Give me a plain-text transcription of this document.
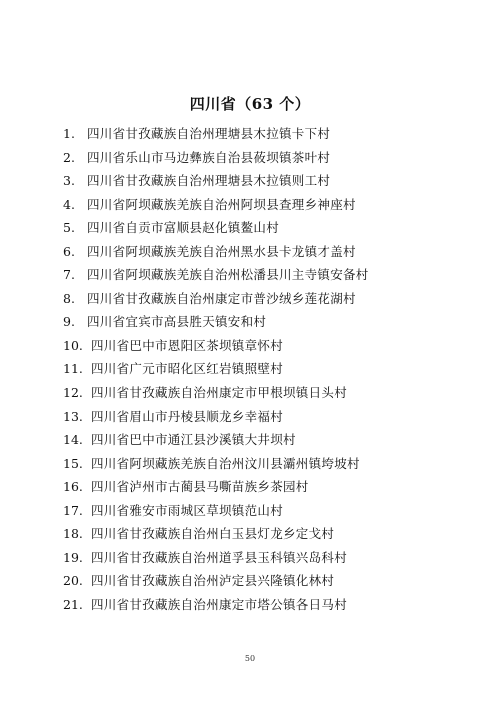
四川省（63 个）
1. 四川省甘孜藏族自治州理塘县木拉镇卡下村
2. 四川省乐山市马边彝族自治县莜坝镇茶叶村
3. 四川省甘孜藏族自治州理塘县木拉镇则工村
4. 四川省阿坝藏族羌族自治州阿坝县查理乡神座村
5. 四川省自贡市富顺县赵化镇鳌山村
6. 四川省阿坝藏族羌族自治州黑水县卡龙镇才盖村
7. 四川省阿坝藏族羌族自治州松潘县川主寺镇安备村
8. 四川省甘孜藏族自治州康定市普沙绒乡莲花湖村
9. 四川省宜宾市高县胜天镇安和村
10. 四川省巴中市恩阳区茶坝镇章怀村
11. 四川省广元市昭化区红岩镇照壁村
12. 四川省甘孜藏族自治州康定市甲根坝镇日头村
13. 四川省眉山市丹棱县顺龙乡幸福村
14. 四川省巴中市通江县沙溪镇大井坝村
15. 四川省阿坝藏族羌族自治州汶川县灞州镇垮坡村
16. 四川省泸州市古蔺县马嘶苗族乡茶园村
17. 四川省雅安市雨城区草坝镇范山村
18. 四川省甘孜藏族自治州白玉县灯龙乡定戈村
19. 四川省甘孜藏族自治州道孚县玉科镇兴岛科村
20. 四川省甘孜藏族自治州泸定县兴隆镇化林村
21. 四川省甘孜藏族自治州康定市塔公镇各日马村
50
